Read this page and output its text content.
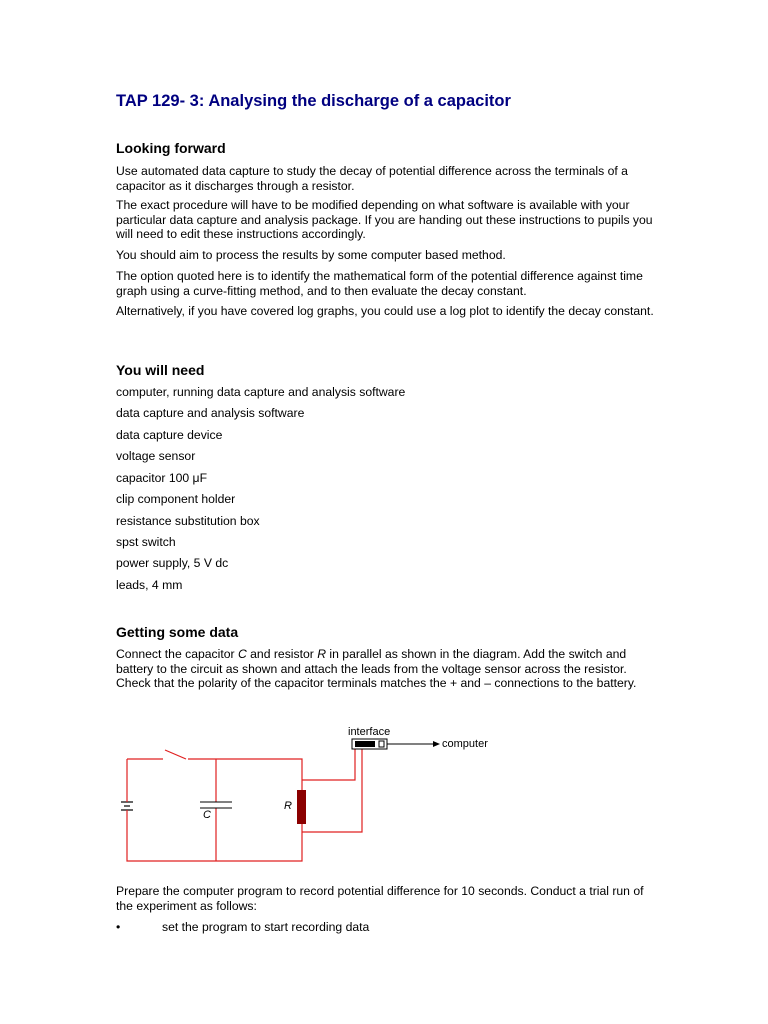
TAP 129- 3: Analysing the discharge of a capacitor
Looking forward

Use automated data capture to study the decay of potential difference across the terminals of a capacitor as it discharges through a resistor.

The exact procedure will have to be modified depending on what software is available with your particular data capture and analysis package. If you are handing out these instructions to pupils you will need to edit these instructions accordingly.

You should aim to process the results by some computer based method.

The option quoted here is to identify the mathematical form of the potential difference against time graph using a curve-fitting method, and to then evaluate the decay constant.

Alternatively, if you have covered log graphs, you could use a log plot to identify the decay constant.

You will need
computer, running data capture and analysis software
data capture and analysis software
data capture device
voltage sensor
capacitor 100 μF
clip component holder
resistance substitution box
spst switch
power supply, 5 V dc
leads, 4 mm
Getting some data

Connect the capacitor C and resistor R in parallel as shown in the diagram. Add the switch and battery to the circuit as shown and attach the leads from the voltage sensor across the resistor. Check that the polarity of the capacitor terminals matches the + and – connections to the battery.

C
R
interface
computer

Prepare the computer program to record potential difference for 10 seconds. Conduct a trial run of the experiment as follows:

•	set the program to start recording data
